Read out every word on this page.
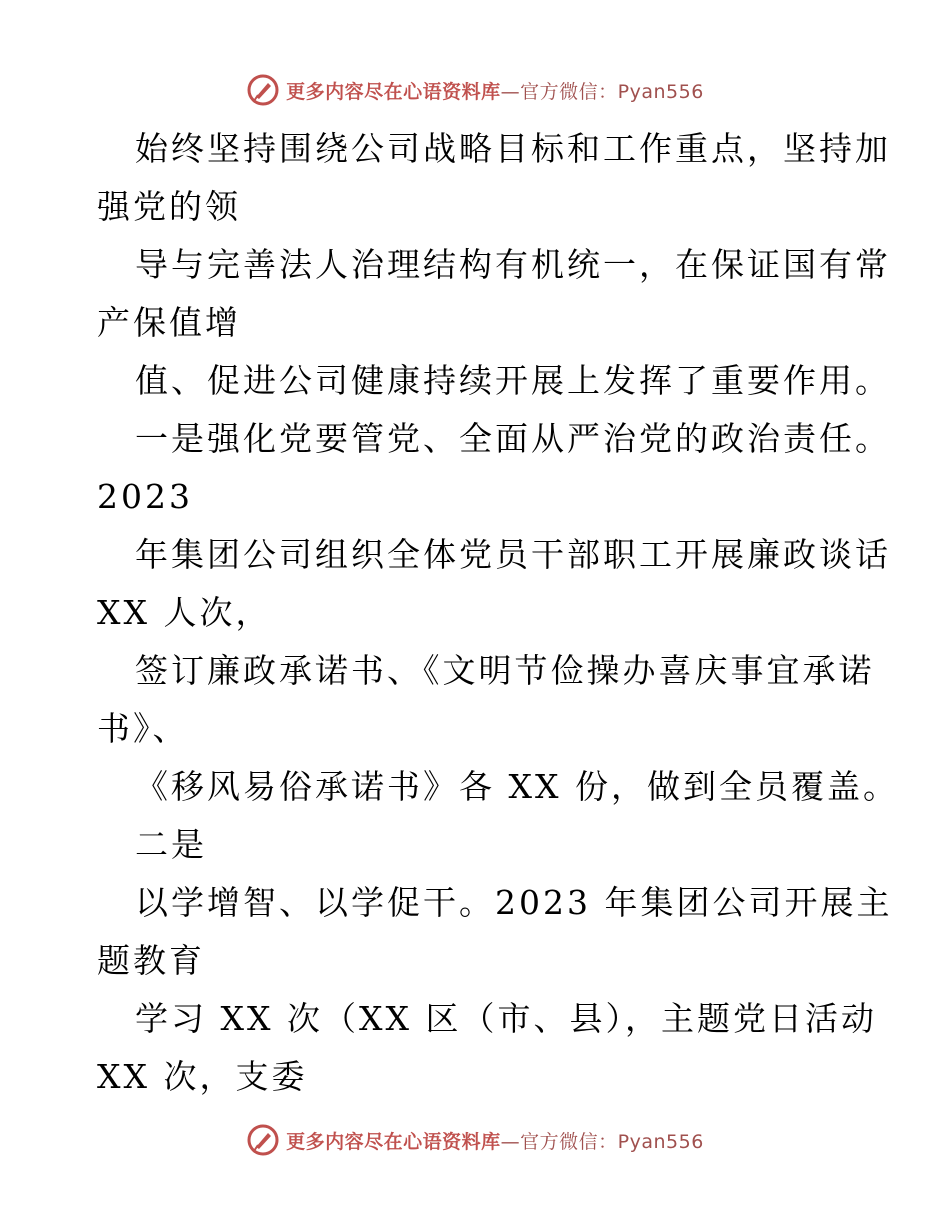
更多内容尽在心语资料库—官方微信：Pyan556
始终坚持围绕公司战略目标和工作重点，坚持加
强党的领
导与完善法人治理结构有机统一，在保证国有常
产保值增
值、促进公司健康持续开展上发挥了重要作用。
一是强化党要管党、全面从严治党的政治责任。
2023
年集团公司组织全体党员干部职工开展廉政谈话
XX 人次，
签订廉政承诺书、《文明节俭操办喜庆事宜承诺
书》、
《移风易俗承诺书》各 XX 份，做到全员覆盖。
二是
以学增智、以学促干。2023 年集团公司开展主
题教育
学习 XX 次（XX 区（市、县），主题党日活动
XX 次，支委
更多内容尽在心语资料库—官方微信：Pyan556
